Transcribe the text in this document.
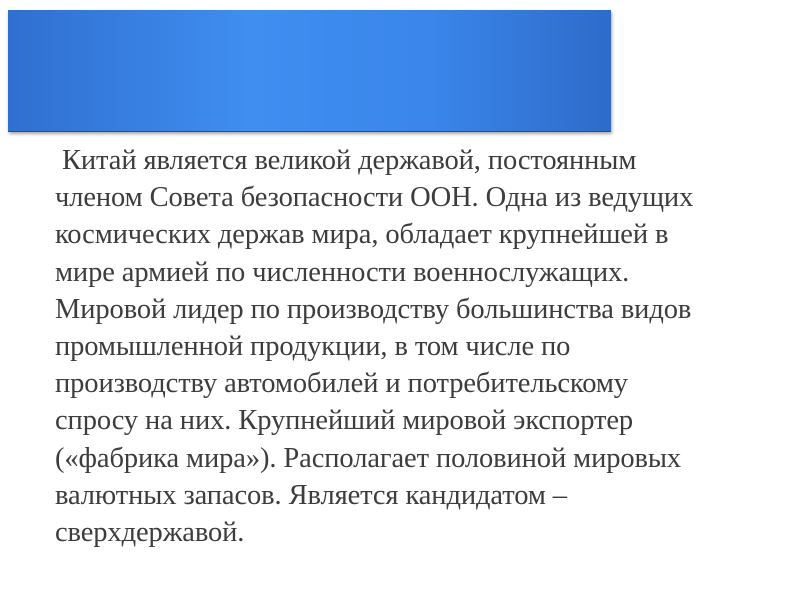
Китай является великой державой, постоянным
членом Совета безопасности ООН. Одна из ведущих
космических держав мира, обладает крупнейшей в
мире армией по численности военнослужащих.
Мировой лидер по производству большинства видов
промышленной продукции, в том числе по
производству автомобилей и потребительскому
спросу на них. Крупнейший мировой экспортер
(«фабрика мира»). Располагает половиной мировых
валютных запасов. Является кандидатом –
сверхдержавой.
